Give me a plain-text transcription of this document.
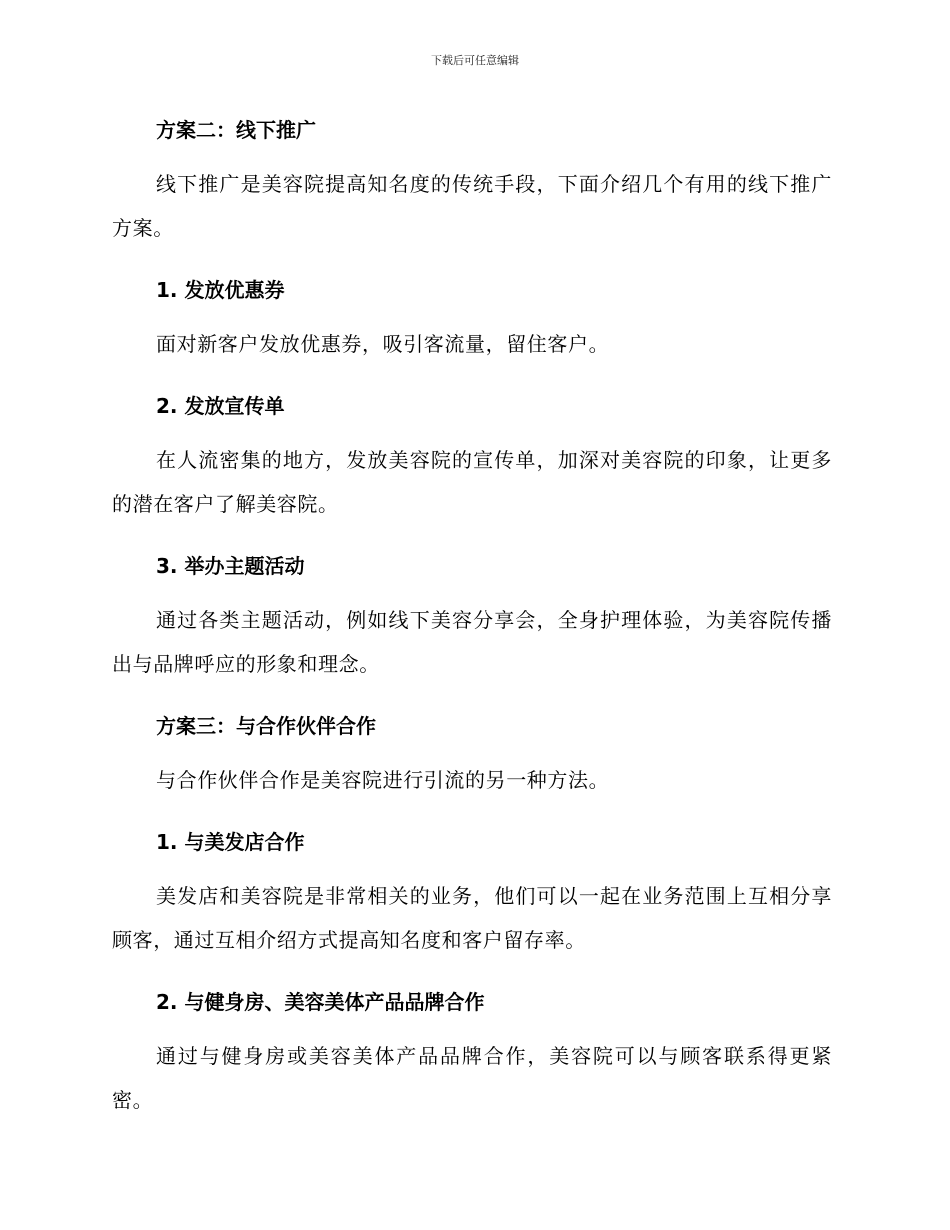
下载后可任意编辑
方案二：线下推广

线下推广是美容院提高知名度的传统手段，下面介绍几个有用的线下推广方案。

1. 发放优惠券

面对新客户发放优惠券，吸引客流量，留住客户。

2. 发放宣传单

在人流密集的地方，发放美容院的宣传单，加深对美容院的印象，让更多的潜在客户了解美容院。

3. 举办主题活动

通过各类主题活动，例如线下美容分享会，全身护理体验，为美容院传播出与品牌呼应的形象和理念。

方案三：与合作伙伴合作

与合作伙伴合作是美容院进行引流的另一种方法。

1. 与美发店合作

美发店和美容院是非常相关的业务，他们可以一起在业务范围上互相分享顾客，通过互相介绍方式提高知名度和客户留存率。

2. 与健身房、美容美体产品品牌合作

通过与健身房或美容美体产品品牌合作，美容院可以与顾客联系得更紧密。
